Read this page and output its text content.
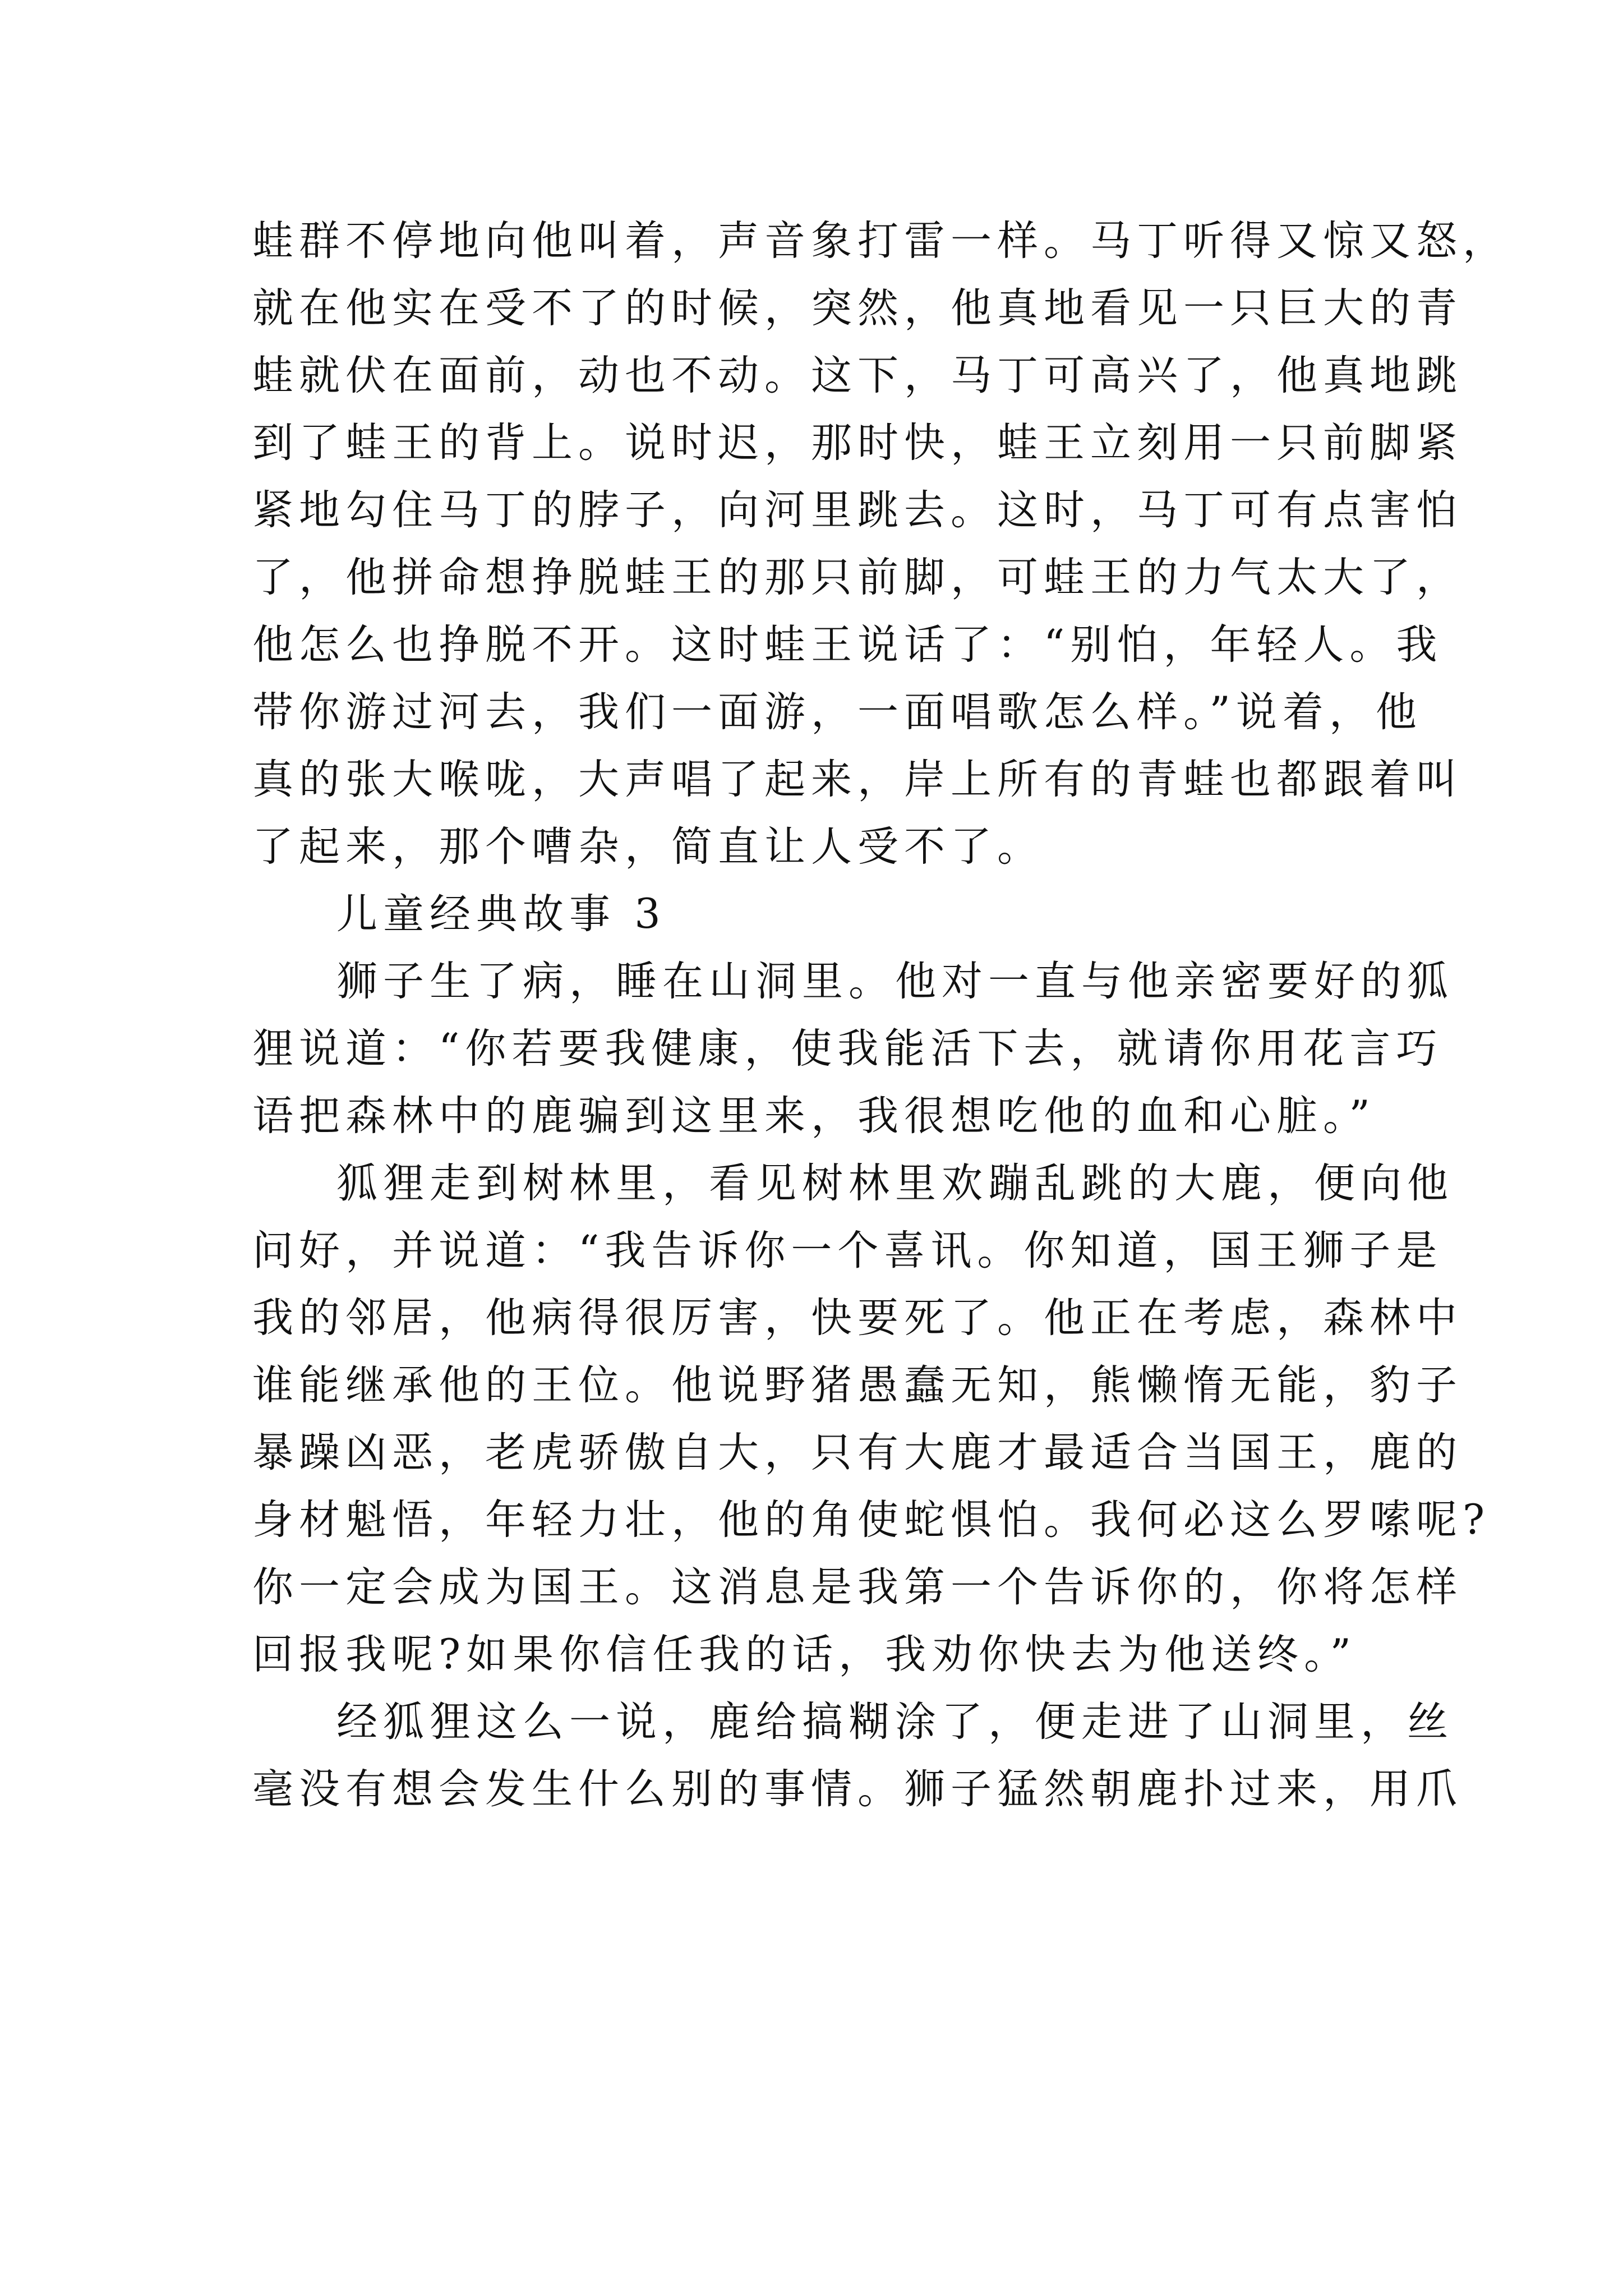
蛙群不停地向他叫着，声音象打雷一样。马丁听得又惊又怒，
就在他实在受不了的时候，突然，他真地看见一只巨大的青
蛙就伏在面前，动也不动。这下，马丁可高兴了，他真地跳
到了蛙王的背上。说时迟，那时快，蛙王立刻用一只前脚紧
紧地勾住马丁的脖子，向河里跳去。这时，马丁可有点害怕
了，他拼命想挣脱蛙王的那只前脚，可蛙王的力气太大了，
他怎么也挣脱不开。这时蛙王说话了：“别怕，年轻人。我
带你游过河去，我们一面游，一面唱歌怎么样。”说着，他
真的张大喉咙，大声唱了起来，岸上所有的青蛙也都跟着叫
了起来，那个嘈杂，简直让人受不了。
儿童经典故事 3
狮子生了病，睡在山洞里。他对一直与他亲密要好的狐
狸说道：“你若要我健康，使我能活下去，就请你用花言巧
语把森林中的鹿骗到这里来，我很想吃他的血和心脏。”
狐狸走到树林里，看见树林里欢蹦乱跳的大鹿，便向他
问好，并说道：“我告诉你一个喜讯。你知道，国王狮子是
我的邻居，他病得很厉害，快要死了。他正在考虑，森林中
谁能继承他的王位。他说野猪愚蠢无知，熊懒惰无能，豹子
暴躁凶恶，老虎骄傲自大，只有大鹿才最适合当国王，鹿的
身材魁悟，年轻力壮，他的角使蛇惧怕。我何必这么罗嗦呢?
你一定会成为国王。这消息是我第一个告诉你的，你将怎样
回报我呢?如果你信任我的话，我劝你快去为他送终。”
经狐狸这么一说，鹿给搞糊涂了，便走进了山洞里，丝
毫没有想会发生什么别的事情。狮子猛然朝鹿扑过来，用爪
